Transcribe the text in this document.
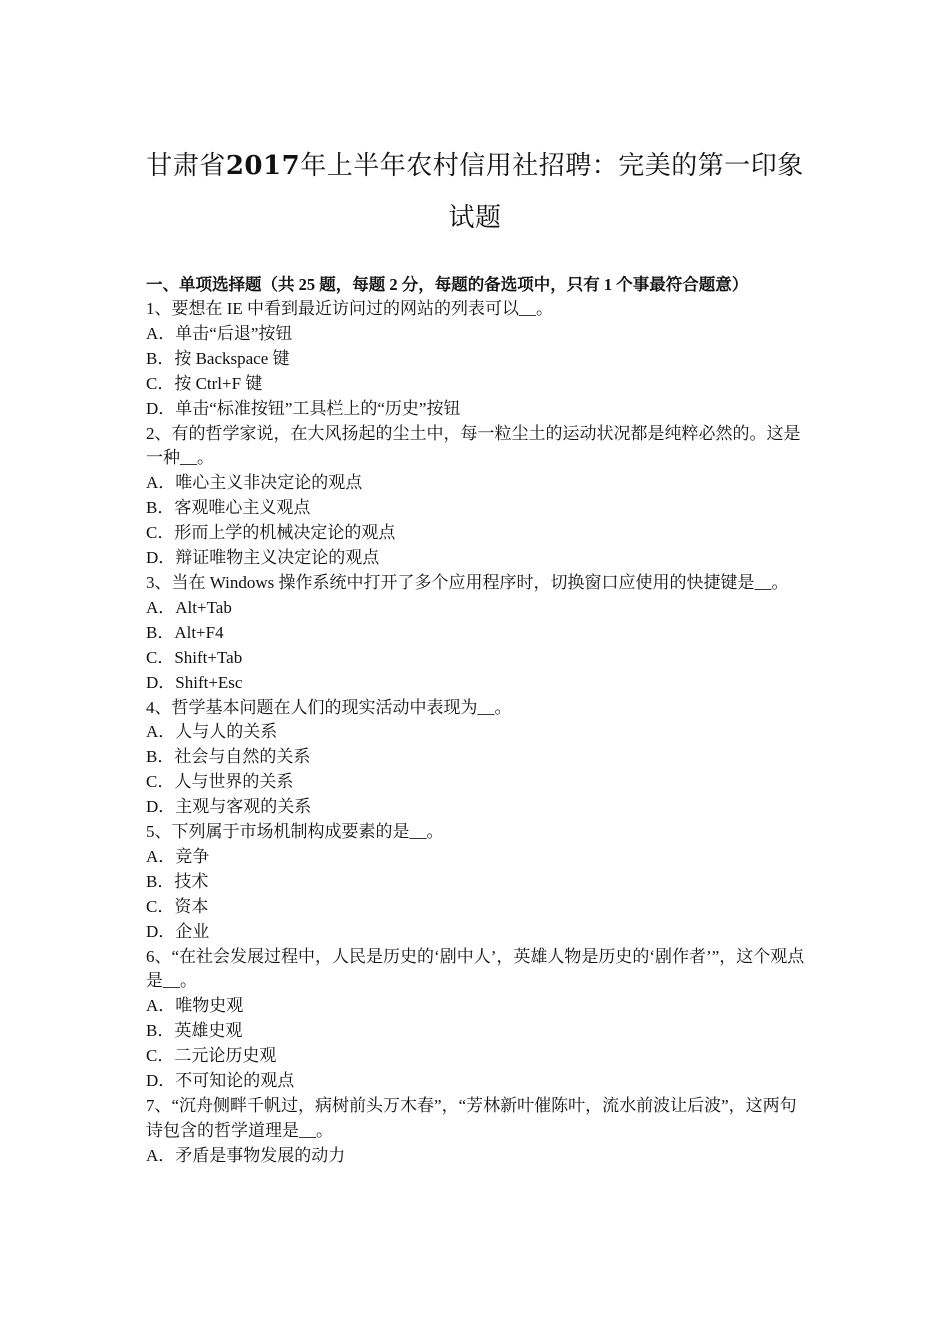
甘肃省2017年上半年农村信用社招聘：完美的第一印象试题
一、单项选择题（共 25 题，每题 2 分，每题的备选项中，只有 1 个事最符合题意）
1、要想在 IE 中看到最近访问过的网站的列表可以__。
A．单击“后退”按钮
B．按 Backspace 键
C．按 Ctrl+F 键
D．单击“标准按钮”工具栏上的“历史”按钮
2、有的哲学家说，在大风扬起的尘土中，每一粒尘土的运动状况都是纯粹必然的。这是一种__。
A．唯心主义非决定论的观点
B．客观唯心主义观点
C．形而上学的机械决定论的观点
D．辩证唯物主义决定论的观点
3、当在 Windows 操作系统中打开了多个应用程序时，切换窗口应使用的快捷键是__。
A．Alt+Tab
B．Alt+F4
C．Shift+Tab
D．Shift+Esc
4、哲学基本问题在人们的现实活动中表现为__。
A．人与人的关系
B．社会与自然的关系
C．人与世界的关系
D．主观与客观的关系
5、下列属于市场机制构成要素的是__。
A．竞争
B．技术
C．资本
D．企业
6、“在社会发展过程中，人民是历史的‘剧中人’，英雄人物是历史的‘剧作者’”，这个观点是__。
A．唯物史观
B．英雄史观
C．二元论历史观
D．不可知论的观点
7、“沉舟侧畔千帆过，病树前头万木春”，“芳林新叶催陈叶，流水前波让后波”，这两句诗包含的哲学道理是__。
A．矛盾是事物发展的动力
